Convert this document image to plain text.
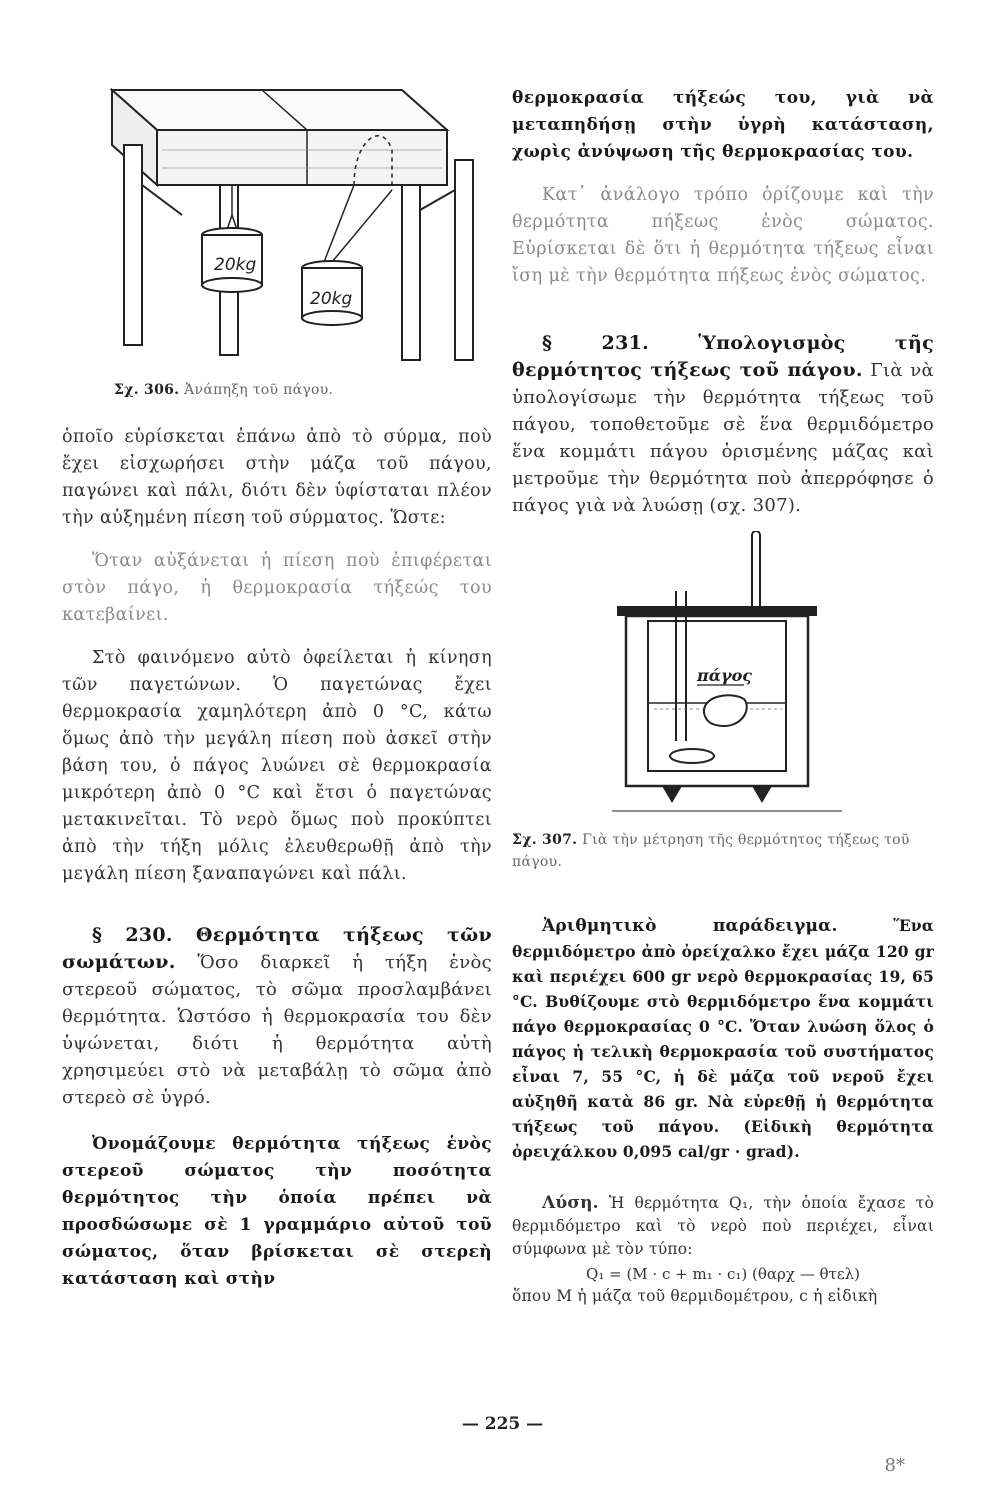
20kg
20kg
Σχ. 306. Ἀνάπηξη τοῦ πάγου.

ὁποῖο εὑρίσκεται ἐπάνω ἀπὸ τὸ σύρμα, ποὺ ἔχει εἰσχωρήσει στὴν μάζα τοῦ πάγου, παγώνει καὶ πάλι, διότι δὲν ὑφίσταται πλέον τὴν αὐξημένη πίεση τοῦ σύρματος. Ὥστε:

Ὅταν αὐξάνεται ἡ πίεση ποὺ ἐπιφέρεται στὸν πάγο, ἡ θερμοκρασία τήξεώς του κατεβαίνει.

Στὸ φαινόμενο αὐτὸ ὀφείλεται ἡ κίνηση τῶν παγετώνων. Ὁ παγετώνας ἔχει θερμοκρασία χαμηλότερη ἀπὸ 0 °C, κάτω ὅμως ἀπὸ τὴν μεγάλη πίεση ποὺ ἀσκεῖ στὴν βάση του, ὁ πάγος λυώνει σὲ θερμοκρασία μικρότερη ἀπὸ 0 °C καὶ ἔτσι ὁ παγετώνας μετακινεῖται. Τὸ νερὸ ὅμως ποὺ προκύπτει ἀπὸ τὴν τήξη μόλις ἐλευθερωθῇ ἀπὸ τὴν μεγάλη πίεση ξαναπαγώνει καὶ πάλι.

§ 230. Θερμότητα τήξεως τῶν σωμάτων. Ὅσο διαρκεῖ ἡ τήξη ἑνὸς στερεοῦ σώματος, τὸ σῶμα προσλαμβάνει θερμότητα. Ὡστόσο ἡ θερμοκρασία του δὲν ὑψώνεται, διότι ἡ θερμότητα αὐτὴ χρησιμεύει στὸ νὰ μεταβάλῃ τὸ σῶμα ἀπὸ στερεὸ σὲ ὑγρό.

Ὀνομάζουμε θερμότητα τήξεως ἑνὸς στερεοῦ σώματος τὴν ποσότητα θερμότητος τὴν ὁποία πρέπει νὰ προσδώσωμε σὲ 1 γραμμάριο αὐτοῦ τοῦ σώματος, ὅταν βρίσκεται σὲ στερεὴ κατάσταση καὶ στὴν

θερμοκρασία τήξεώς του, γιὰ νὰ μεταπηδήσῃ στὴν ὑγρὴ κατάσταση, χωρὶς ἀνύψωση τῆς θερμοκρασίας του.

Κατ᾽ ἀνάλογο τρόπο ὁρίζουμε καὶ τὴν θερμότητα πήξεως ἑνὸς σώματος. Εὑρίσκεται δὲ ὅτι ἡ θερμότητα τήξεως εἶναι ἴση μὲ τὴν θερμότητα πήξεως ἑνὸς σώματος.

§ 231. Ὑπολογισμὸς τῆς θερμότητος τήξεως τοῦ πάγου. Γιὰ νὰ ὑπολογίσωμε τὴν θερμότητα τήξεως τοῦ πάγου, τοποθετοῦμε σὲ ἕνα θερμιδόμετρο ἕνα κομμάτι πάγου ὁρισμένης μάζας καὶ μετροῦμε τὴν θερμότητα ποὺ ἀπερρόφησε ὁ πάγος γιὰ νὰ λυώσῃ (σχ. 307).

πάγος
Σχ. 307. Γιὰ τὴν μέτρηση τῆς θερμότητος τήξεως τοῦ πάγου.

Ἀριθμητικὸ παράδειγμα.	Ἕνα θερμιδόμετρο ἀπὸ ὀρείχαλκο ἔχει μάζα 120 gr καὶ περιέχει 600 gr νερὸ θερμοκρασίας 19, 65 °C. Βυθίζουμε στὸ θερμιδόμετρο ἕνα κομμάτι πάγο θερμοκρασίας 0 °C. Ὅταν λυώση ὅλος ὁ πάγος ἡ τελικὴ θερμοκρασία τοῦ συστήματος εἶναι 7, 55 °C, ἡ δὲ μάζα τοῦ νεροῦ ἔχει αὐξηθῆ κατὰ 86 gr. Νὰ εὑρεθῇ ἡ θερμότητα τήξεως τοῦ πάγου. (Εἰδικὴ θερμότητα ὀρειχάλκου 0,095 cal/gr · grad).

Λύση. Ἡ θερμότητα Q₁, τὴν ὁποία ἔχασε τὸ θερμιδόμετρο καὶ τὸ νερὸ ποὺ περιέχει, εἶναι σύμφωνα μὲ τὸν τύπο:

Q₁ = (M · c + m₁ · c₁) (θαρχ — θτελ)

ὅπου M ἡ μάζα τοῦ θερμιδομέτρου, c ἡ εἰδικὴ

— 225 —
8*
